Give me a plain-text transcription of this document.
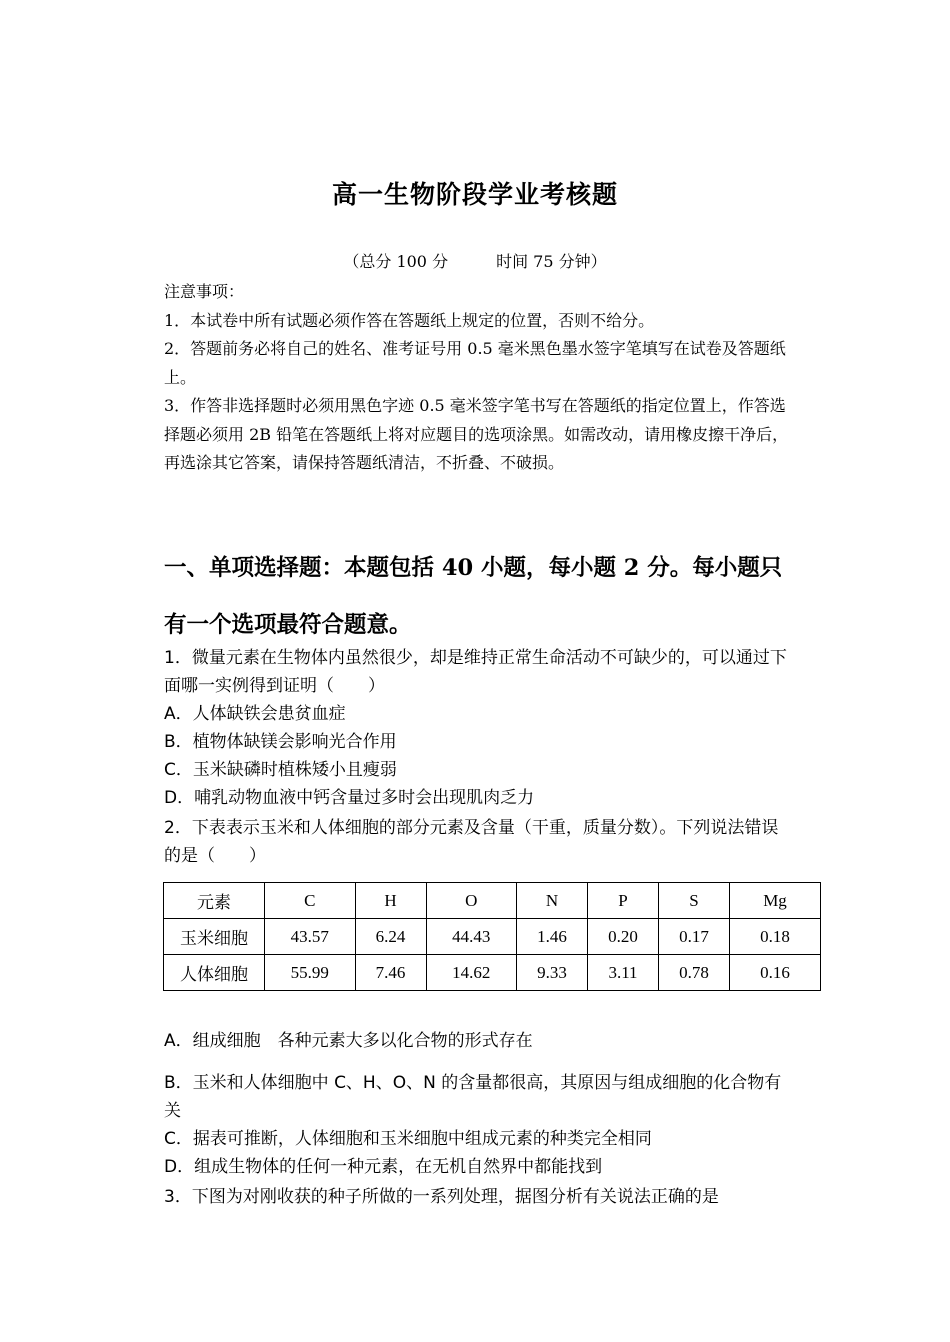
高一生物阶段学业考核题
（总分 100 分	时间 75 分钟）

注意事项：

1．本试卷中所有试题必须作答在答题纸上规定的位置，否则不给分。

2．答题前务必将自己的姓名、准考证号用 0.5 毫米黑色墨水签字笔填写在试卷及答题纸上。

3．作答非选择题时必须用黑色字迹 0.5 毫米签字笔书写在答题纸的指定位置上，作答选择题必须用 2B 铅笔在答题纸上将对应题目的选项涂黑。如需改动，请用橡皮擦干净后，再选涂其它答案，请保持答题纸清洁，不折叠、不破损。

一、单项选择题：本题包括 40 小题，每小题 2 分。每小题只有一个选项最符合题意。

1．微量元素在生物体内虽然很少，却是维持正常生命活动不可缺少的，可以通过下面哪一实例得到证明（　　）

A．人体缺铁会患贫血症

B．植物体缺镁会影响光合作用

C．玉米缺磷时植株矮小且瘦弱

D．哺乳动物血液中钙含量过多时会出现肌肉乏力

2．下表表示玉米和人体细胞的部分元素及含量（干重，质量分数）。下列说法错误的是（　　）
元素	C	H	O	N	P	S	Mg
玉米细胞	43.57	6.24	44.43	1.46	0.20	0.17	0.18
人体细胞	55.99	7.46	14.62	9.33	3.11	0.78	0.16

A．组成细胞　各种元素大多以化合物的形式存在

B．玉米和人体细胞中 C、H、O、N 的含量都很高，其原因与组成细胞的化合物有关

C．据表可推断，人体细胞和玉米细胞中组成元素的种类完全相同

D．组成生物体的任何一种元素，在无机自然界中都能找到

3．下图为对刚收获的种子所做的一系列处理，据图分析有关说法正确的是
